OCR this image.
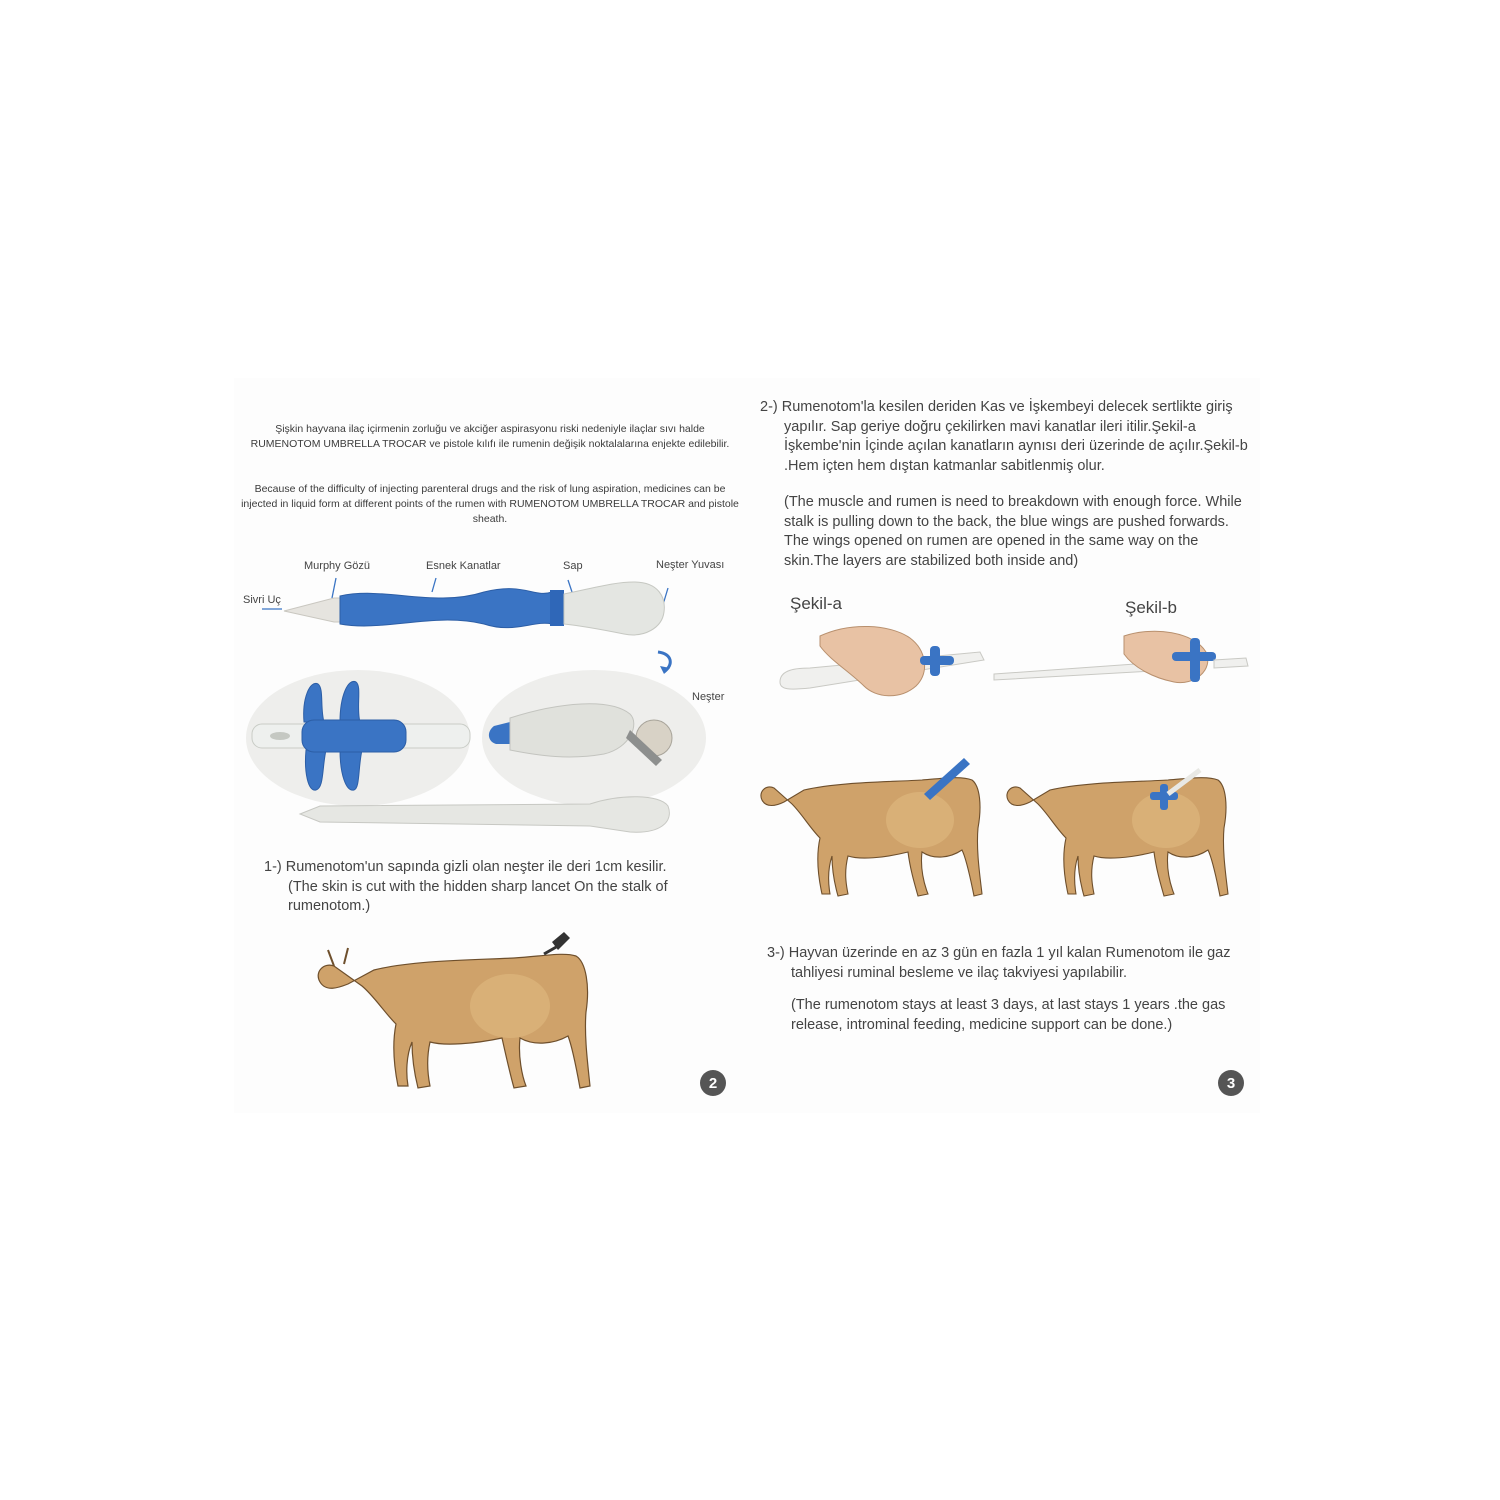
Şişkin hayvana ilaç içirmenin zorluğu ve akciğer aspirasyonu riski nedeniyle ilaçlar sıvı halde RUMENOTOM UMBRELLA TROCAR ve pistole kılıfı ile rumenin değişik noktalalarına enjekte edilebilir.
Because of the difficulty of injecting parenteral drugs and the risk of lung aspiration, medicines can be injected in liquid form at different points of the rumen with RUMENOTOM UMBRELLA TROCAR and pistole sheath.
Murphy Gözü	Esnek Kanatlar	Sap	Neşter Yuvası
Sivri Uç
Neşter
1-) Rumenotom'un sapında gizli olan neşter ile deri 1cm kesilir.
(The skin is cut with the hidden sharp lancet On the stalk of rumenotom.)
2
2-) Rumenotom'la kesilen deriden Kas ve İşkembeyi delecek sertlikte giriş yapılır. Sap geriye doğru çekilirken mavi kanatlar ileri itilir.Şekil-a İşkembe'nin İçinde açılan kanatların aynısı deri üzerinde de açılır.Şekil-b .Hem içten hem dıştan katmanlar sabitlenmiş olur.
(The muscle and rumen is need to breakdown with enough force. While stalk is pulling down to the back, the blue wings are pushed forwards. The wings opened on rumen are opened in the same way on the skin.The layers are stabilized both inside and)
Şekil-a	Şekil-b
3-) Hayvan üzerinde en az 3 gün en fazla 1 yıl kalan Rumenotom ile gaz tahliyesi ruminal besleme ve ilaç takviyesi yapılabilir.
(The rumenotom stays at least 3 days, at last stays 1 years .the gas release, introminal feeding, medicine support can be done.)
3
